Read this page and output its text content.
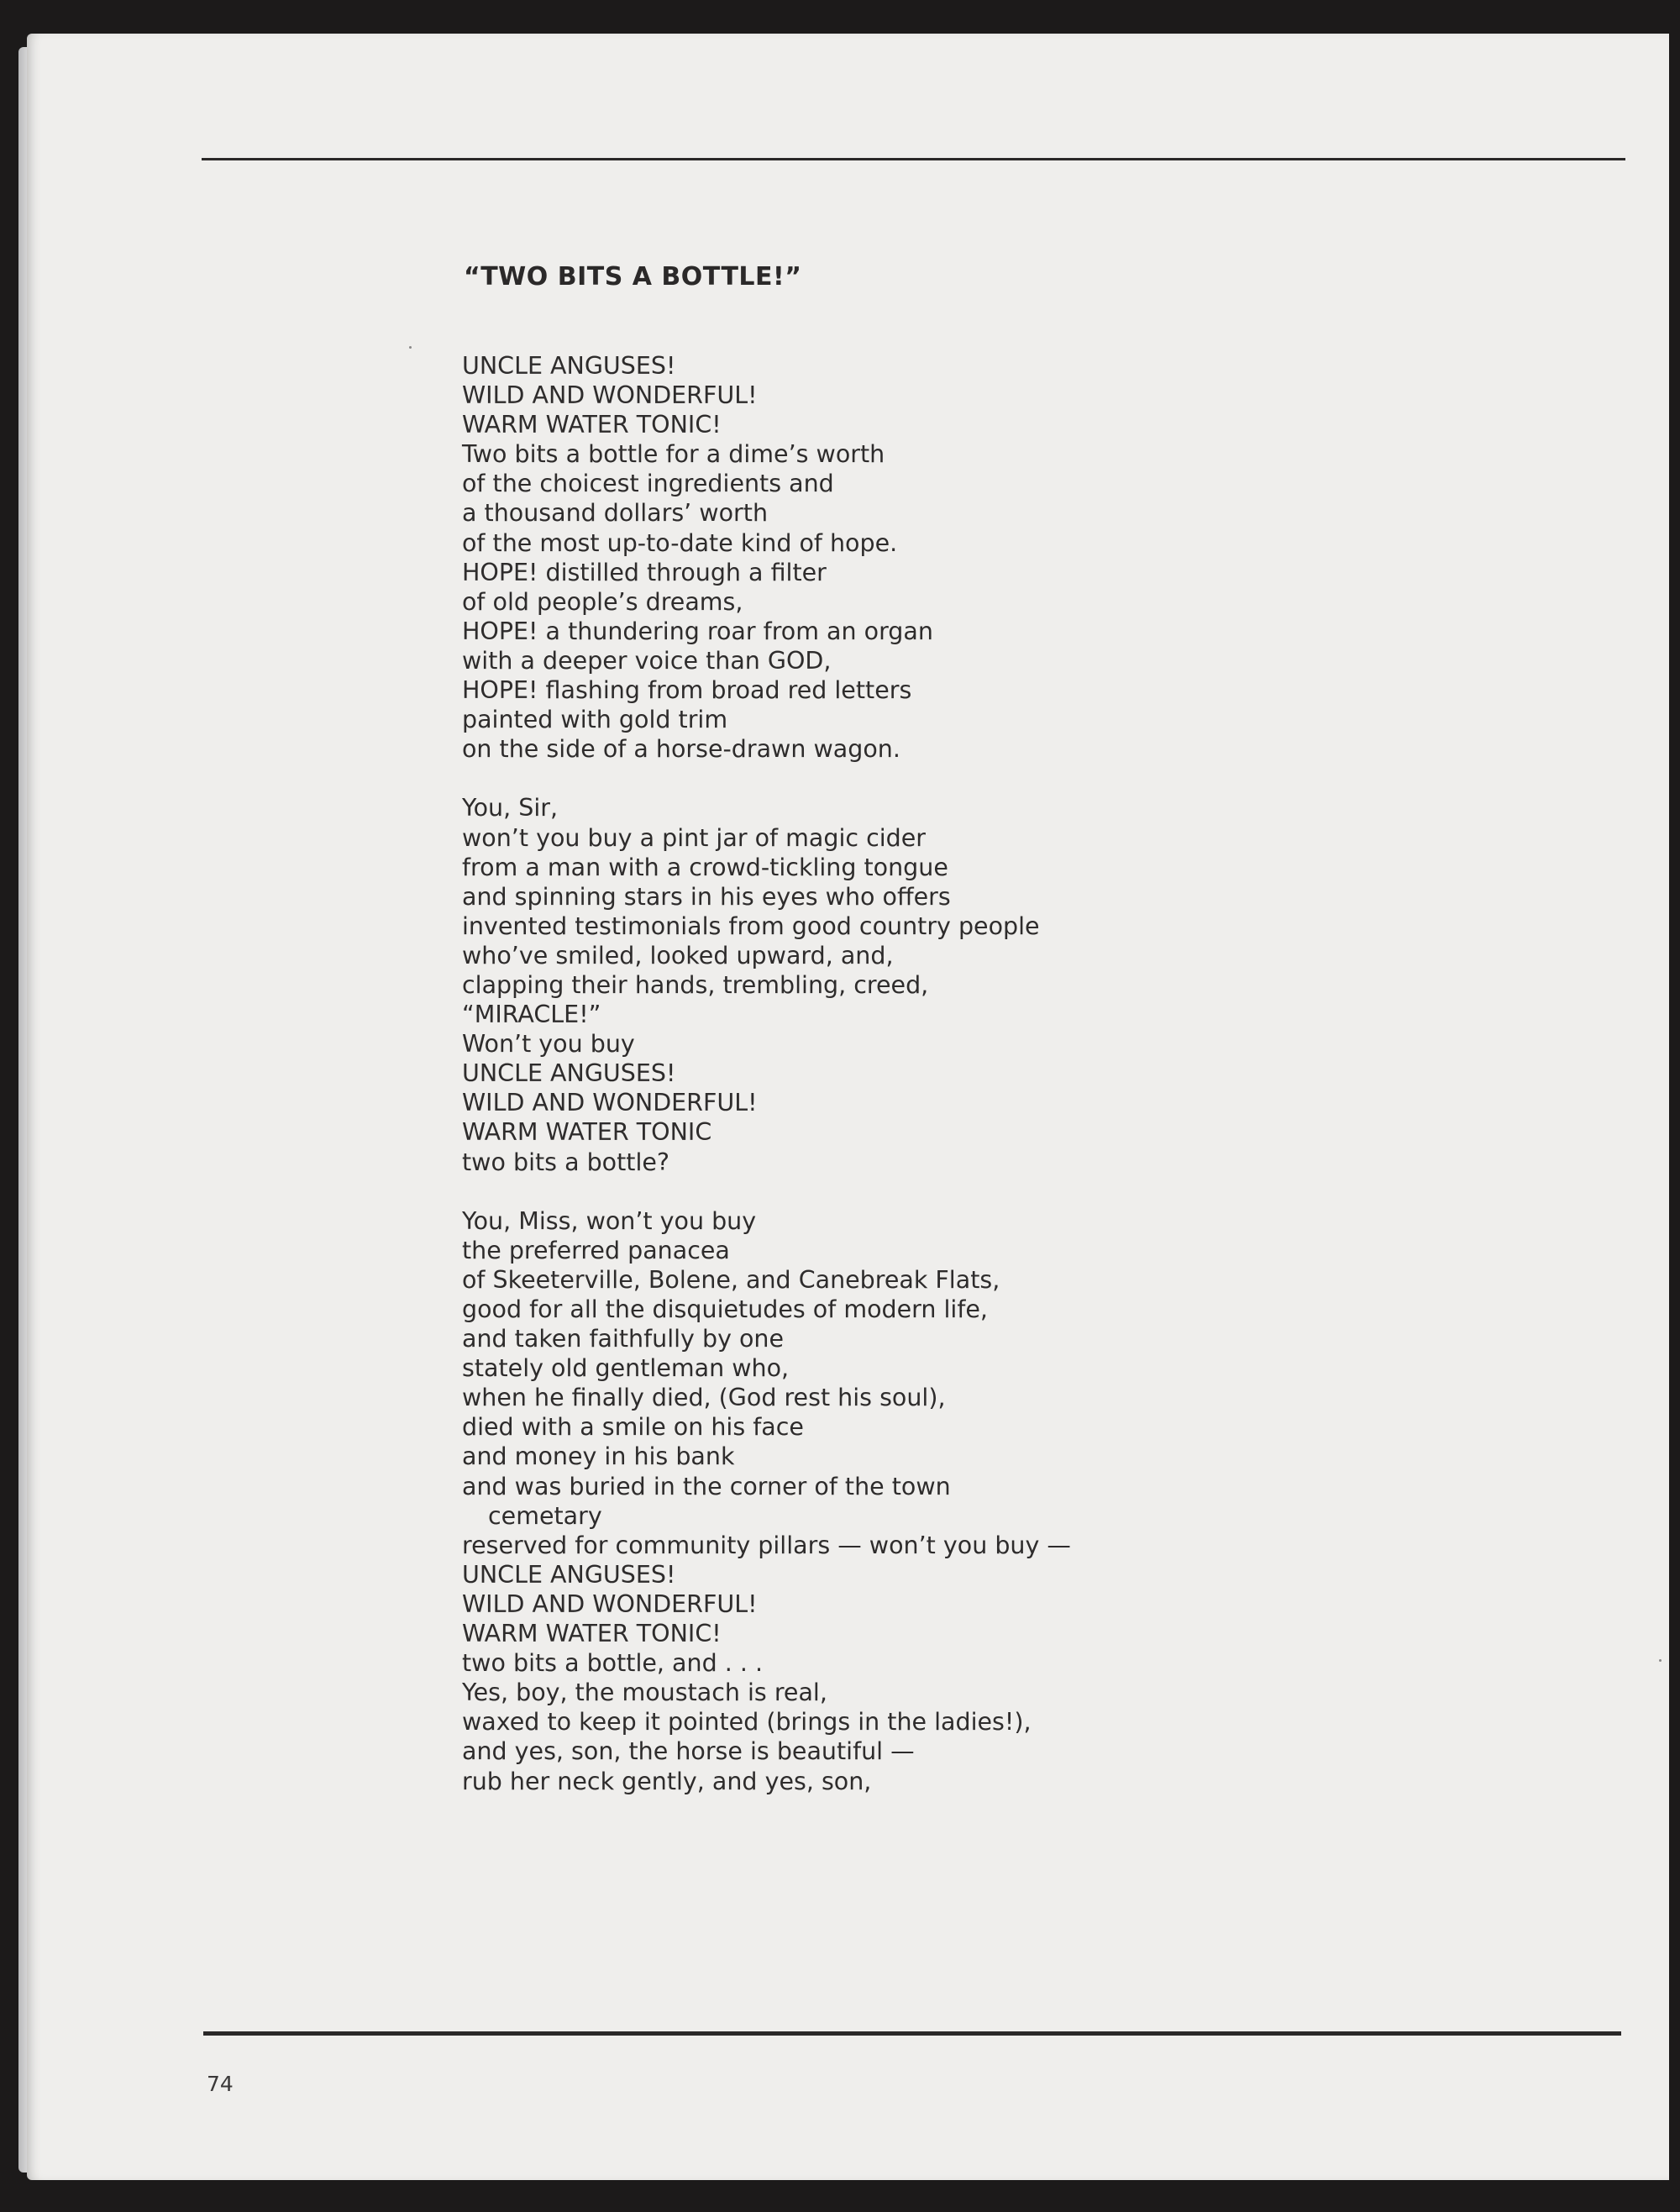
“TWO BITS A BOTTLE!”
UNCLE ANGUSES!
WILD AND WONDERFUL!
WARM WATER TONIC!
Two bits a bottle for a dime’s worth
of the choicest ingredients and
a thousand dollars’ worth
of the most up-to-date kind of hope.
HOPE! distilled through a filter
of old people’s dreams,
HOPE! a thundering roar from an organ
with a deeper voice than GOD,
HOPE! flashing from broad red letters
painted with gold trim
on the side of a horse-drawn wagon.
You, Sir,
won’t you buy a pint jar of magic cider
from a man with a crowd-tickling tongue
and spinning stars in his eyes who offers
invented testimonials from good country people
who’ve smiled, looked upward, and,
clapping their hands, trembling, creed,
“MIRACLE!”
Won’t you buy
UNCLE ANGUSES!
WILD AND WONDERFUL!
WARM WATER TONIC
two bits a bottle?
You, Miss, won’t you buy
the preferred panacea
of Skeeterville, Bolene, and Canebreak Flats,
good for all the disquietudes of modern life,
and taken faithfully by one
stately old gentleman who,
when he finally died, (God rest his soul),
died with a smile on his face
and money in his bank
and was buried in the corner of the town
cemetary
reserved for community pillars — won’t you buy —
UNCLE ANGUSES!
WILD AND WONDERFUL!
WARM WATER TONIC!
two bits a bottle, and . . .
Yes, boy, the moustach is real,
waxed to keep it pointed (brings in the ladies!),
and yes, son, the horse is beautiful —
rub her neck gently, and yes, son,
74
